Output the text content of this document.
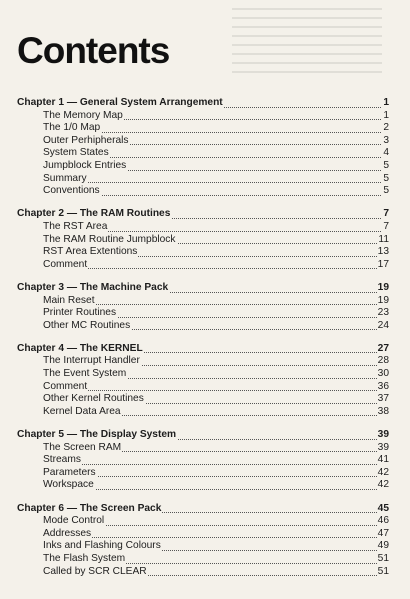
Contents
Chapter 1 — General System Arrangement	1
The Memory Map	1
The 1/0 Map	2
Outer Perhipherals	3
System States	4
Jumpblock Entries	5
Summary	5
Conventions	5
Chapter 2 — The RAM Routines	7
The RST Area	7
The RAM Routine Jumpblock	11
RST Area Extentions	13
Comment	17
Chapter 3 — The Machine Pack	19
Main Reset	19
Printer Routines	23
Other MC Routines	24
Chapter 4 — The KERNEL	27
The Interrupt Handler	28
The Event System	30
Comment	36
Other Kernel Routines	37
Kernel Data Area	38
Chapter 5 — The Display System	39
The Screen RAM	39
Streams	41
Parameters	42
Workspace	42
Chapter 6 — The Screen Pack	45
Mode Control	46
Addresses	47
Inks and Flashing Colours	49
The Flash System	51
Called by SCR CLEAR	51
